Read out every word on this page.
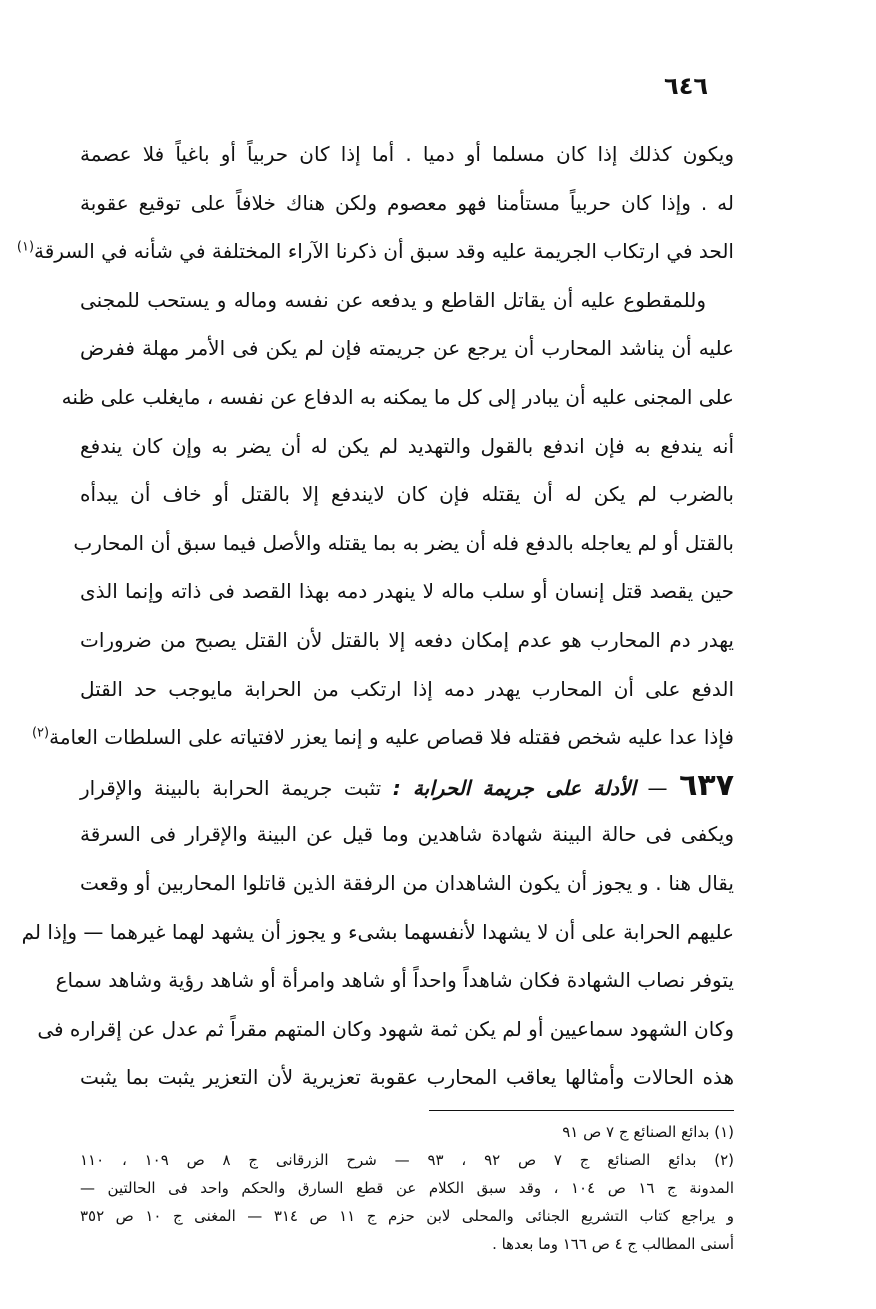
٦٤٦
ويكون كذلك إذا كان مسلما أو دميا . أما إذا كان حربياً أو باغياً فلا عصمة
له . وإذا كان حربياً مستأمنا فهو معصوم ولكن هناك خلافاً على توقيع عقوبة
الحد في ارتكاب الجريمة عليه وقد سبق أن ذكرنا الآراء المختلفة في شأنه في السرقة$^{(١)}$
وللمقطوع عليه أن يقاتل القاطع و يدفعه عن نفسه وماله و يستحب للمجنى
عليه أن يناشد المحارب أن يرجع عن جريمته فإن لم يكن فى الأمر مهلة ففرض
على المجنى عليه أن يبادر إلى كل ما يمكنه به الدفاع عن نفسه ، مايغلب على ظنه
أنه يندفع به فإن اندفع بالقول والتهديد لم يكن له أن يضر به وإن كان يندفع
بالضرب لم يكن له أن يقتله فإن كان لايندفع إلا بالقتل أو خاف أن يبدأه
بالقتل أو لم يعاجله بالدفع فله أن يضر به بما يقتله والأصل فيما سبق أن المحارب
حين يقصد قتل إنسان أو سلب ماله لا ينهدر دمه بهذا القصد فى ذاته وإنما الذى
يهدر دم المحارب هو عدم إمكان دفعه إلا بالقتل لأن القتل يصبح من ضرورات
الدفع على أن المحارب يهدر دمه إذا ارتكب من الحرابة مايوجب حد القتل
فإذا عدا عليه شخص فقتله فلا قصاص عليه و إنما يعزر لافتياته على السلطات العامة$^{(٢)}$
٦٣٧ — الأدلة على جريمة الحرابة : تثبت جريمة الحرابة بالبينة والإقرار
ويكفى فى حالة البينة شهادة شاهدين وما قيل عن البينة والإقرار فى السرقة
يقال هنا . و يجوز أن يكون الشاهدان من الرفقة الذين قاتلوا المحاربين أو وقعت
عليهم الحرابة على أن لا يشهدا لأنفسهما بشىء و يجوز أن يشهد لهما غيرهما — وإذا لم
يتوفر نصاب الشهادة فكان شاهداً واحداً أو شاهد وامرأة أو شاهد رؤية وشاهد سماع
وكان الشهود سماعيين أو لم يكن ثمة شهود وكان المتهم مقراً ثم عدل عن إقراره فى
هذه الحالات وأمثالها يعاقب المحارب عقوبة تعزيرية لأن التعزير يثبت بما يثبت
(١) بدائع الصنائع ج ٧ ص ٩١
(٢) بدائع الصنائع ج ٧ ص ٩٢ ، ٩٣ — شرح الزرقانى ج ٨ ص ١٠٩ ، ١١٠
المدونة ج ١٦ ص ١٠٤ ، وقد سبق الكلام عن قطع السارق والحكم واحد فى الحالتين —
و يراجع كتاب التشريع الجنائى والمحلى لابن حزم ج ١١ ص ٣١٤ — المغنى ج ١٠ ص ٣٥٢
أسنى المطالب ج ٤ ص ١٦٦ وما بعدها .
